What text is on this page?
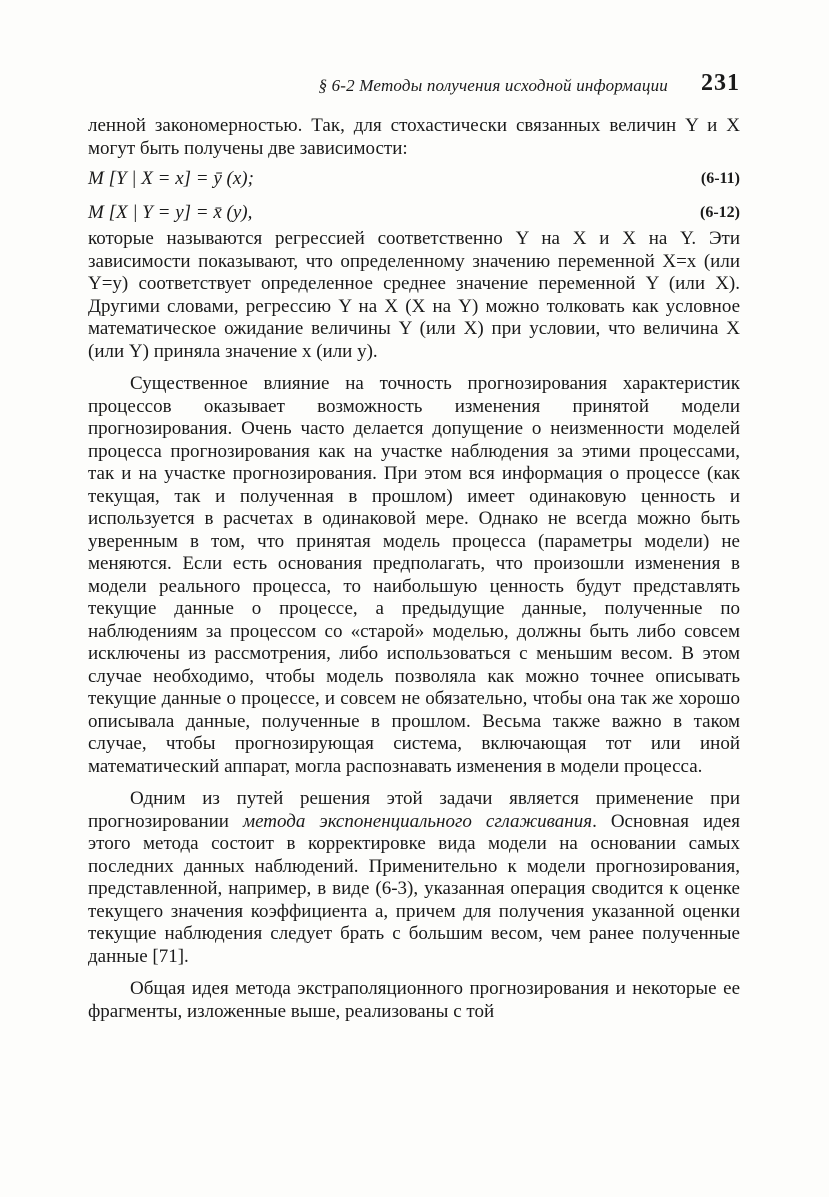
§ 6-2 Методы получения исходной информации 231

ленной закономерностью. Так, для стохастически связанных величин Y и X могут быть получены две зависимости:

M [Y | X = x] = ȳ (x);	(6-11)
M [X | Y = y] = x̄ (y),	(6-12)

которые называются регрессией соответственно Y на X и X на Y. Эти зависимости показывают, что определенному значению переменной X=x (или Y=y) соответствует определенное среднее значение переменной Y (или X). Другими словами, регрессию Y на X (X на Y) можно толковать как условное математическое ожидание величины Y (или X) при условии, что величина X (или Y) приняла значение x (или y).

Существенное влияние на точность прогнозирования характеристик процессов оказывает возможность изменения принятой модели прогнозирования. Очень часто делается допущение о неизменности моделей процесса прогнозирования как на участке наблюдения за этими процессами, так и на участке прогнозирования. При этом вся информация о процессе (как текущая, так и полученная в прошлом) имеет одинаковую ценность и используется в расчетах в одинаковой мере. Однако не всегда можно быть уверенным в том, что принятая модель процесса (параметры модели) не меняются. Если есть основания предполагать, что произошли изменения в модели реального процесса, то наибольшую ценность будут представлять текущие данные о процессе, а предыдущие данные, полученные по наблюдениям за процессом со «старой» моделью, должны быть либо совсем исключены из рассмотрения, либо использоваться с меньшим весом. В этом случае необходимо, чтобы модель позволяла как можно точнее описывать текущие данные о процессе, и совсем не обязательно, чтобы она так же хорошо описывала данные, полученные в прошлом. Весьма также важно в таком случае, чтобы прогнозирующая система, включающая тот или иной математический аппарат, могла распознавать изменения в модели процесса.

Одним из путей решения этой задачи является применение при прогнозировании метода экспоненциального сглаживания. Основная идея этого метода состоит в корректировке вида модели на основании самых последних данных наблюдений. Применительно к модели прогнозирования, представленной, например, в виде (6-3), указанная операция сводится к оценке текущего значения коэффициента a, причем для получения указанной оценки текущие наблюдения следует брать с большим весом, чем ранее полученные данные [71].

Общая идея метода экстраполяционного прогнозирования и некоторые ее фрагменты, изложенные выше, реализованы с той
